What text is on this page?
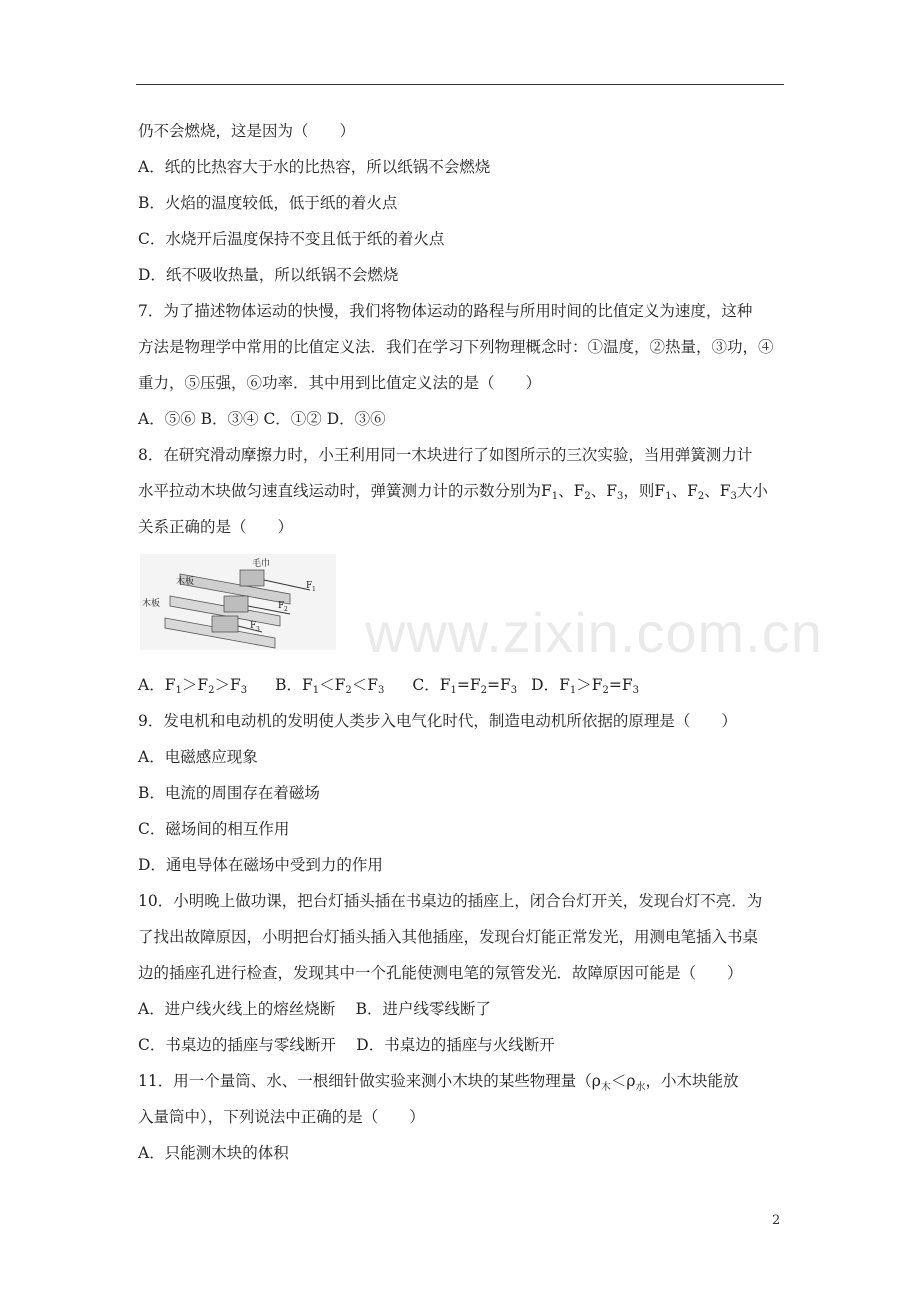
仍不会燃烧，这是因为（　　）
A．纸的比热容大于水的比热容，所以纸锅不会燃烧
B．火焰的温度较低，低于纸的着火点
C．水烧开后温度保持不变且低于纸的着火点
D．纸不吸收热量，所以纸锅不会燃烧
7．为了描述物体运动的快慢，我们将物体运动的路程与所用时间的比值定义为速度，这种
方法是物理学中常用的比值定义法．我们在学习下列物理概念时：①温度，②热量，③功，④
重力，⑤压强，⑥功率．其中用到比值定义法的是（　　）
A．⑤⑥ B．③④ C．①② D．③⑥
8．在研究滑动摩擦力时，小王利用同一木块进行了如图所示的三次实验，当用弹簧测力计
水平拉动木块做匀速直线运动时，弹簧测力计的示数分别为$F_1$、$F_2$、$F_3$，则$F_1$、$F_2$、$F_3$大小
关系正确的是（　　）
毛巾
木板
木板
F 1
F 2
F 3 www.zixin.com.cn
A．$F_1>F_2>F_3$ B．$F_1<F_2<F_3$ C．$F_1=F_2=F_3$ D．$F_1>F_2=F_3$
9．发电机和电动机的发明使人类步入电气化时代，制造电动机所依据的原理是（　　）
A．电磁感应现象
B．电流的周围存在着磁场
C．磁场间的相互作用
D．通电导体在磁场中受到力的作用
10．小明晚上做功课，把台灯插头插在书桌边的插座上，闭合台灯开关，发现台灯不亮．为
了找出故障原因，小明把台灯插头插入其他插座，发现台灯能正常发光，用测电笔插入书桌
边的插座孔进行检查，发现其中一个孔能使测电笔的氖管发光．故障原因可能是（　　）
A．进户线火线上的熔丝烧断　 B．进户线零线断了
C．书桌边的插座与零线断开　 D．书桌边的插座与火线断开
11．用一个量筒、水、一根细针做实验来测小木块的某些物理量（$\rho_木<\rho_水$，小木块能放
入量筒中），下列说法中正确的是（　　）
A．只能测木块的体积
2
